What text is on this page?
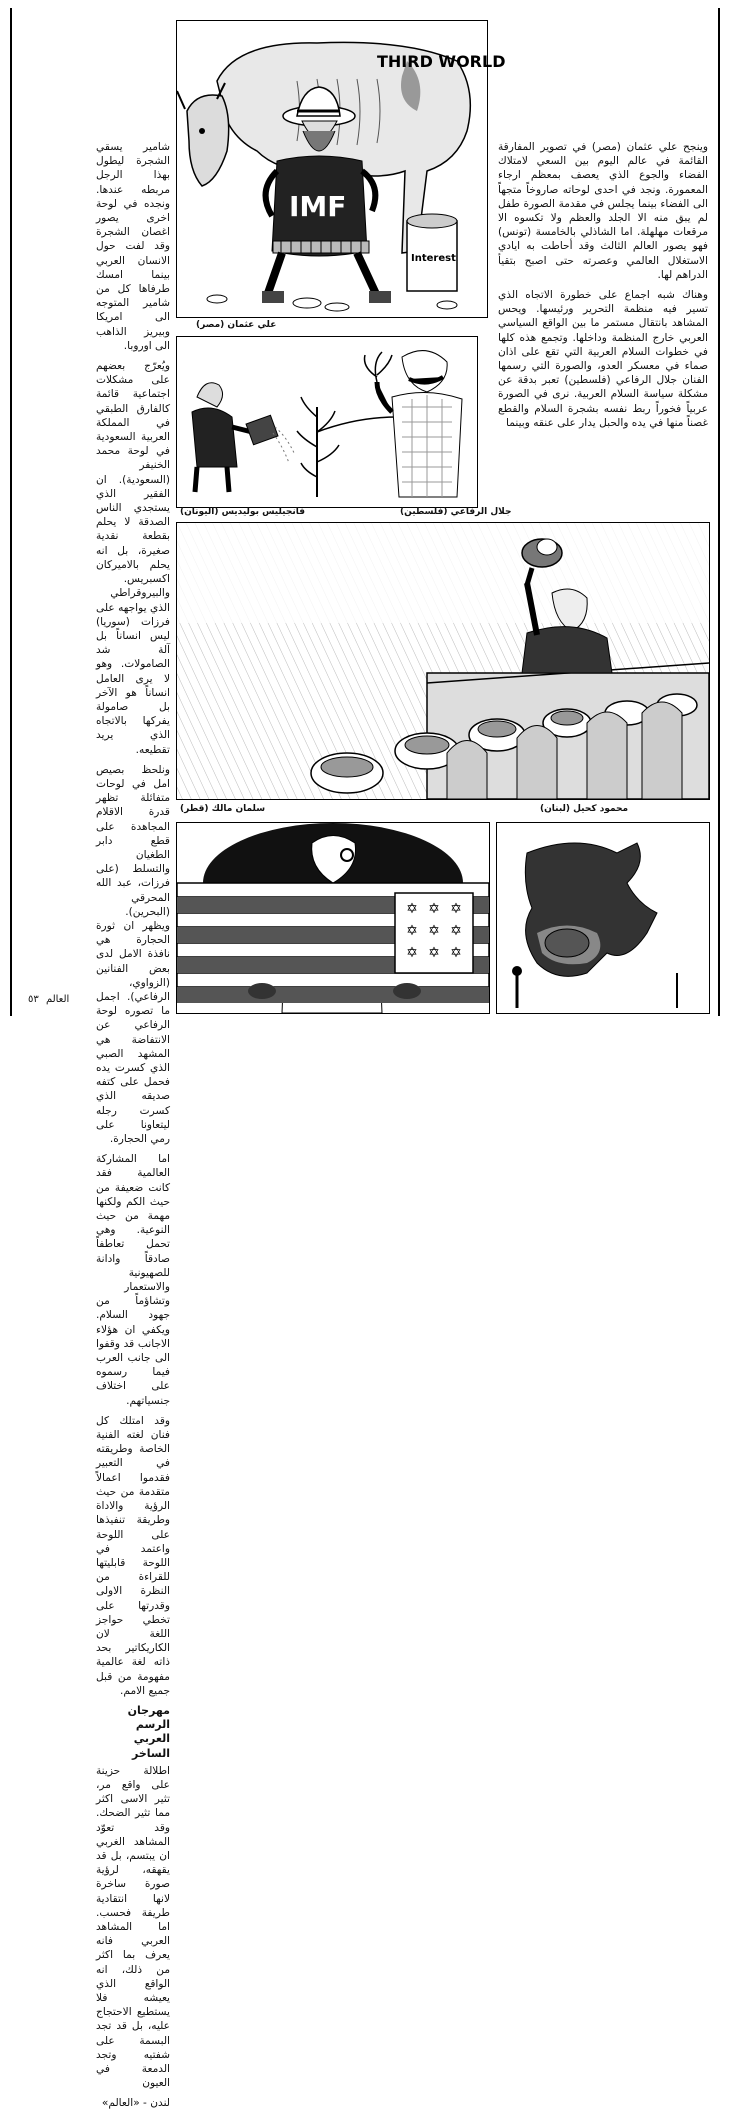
وينجح علي عثمان (مصر) في تصوير المفارقة القائمة في عالم اليوم بين السعي لامتلاك الفضاء والجوع الذي يعصف بمعظم ارجاء المعمورة. ونجد في احدى لوحاته صاروخاً متجهاً الى الفضاء بينما يجلس في مقدمة الصورة طفل لم يبق منه الا الجلد والعظم ولا تكسوه الا مرقعات مهلهلة. اما الشاذلي بالخامسة (تونس) فهو يصور العالم الثالث وقد أحاطت به ايادي الاستغلال العالمي وعصرته حتى اصبح بتقيأ الدراهم لها.

وهناك شبه اجماع على خطورة الاتجاه الذي تسير فيه منظمة التحرير ورئيسها. ويحس المشاهد بانتقال مستمر ما بين الواقع السياسي العربي خارج المنظمة وداخلها. وتجمع هذه كلها في خطوات السلام العربية التي تقع على اذان صماء في معسكر العدو، والصورة التي رسمها الفنان جلال الرفاعي (فلسطين) تعبر بدقة عن مشكلة سياسة السلام العربية. نرى في الصورة عربياً فخوراً ربط نفسه بشجرة السلام والقطع غصناً منها في يده والحبل يدار على عنقه وبينما

شامير يسقي الشجرة ليطول بهذا الرجل مربطه عندها. ونجده في لوحة اخرى يصور اغصان الشجرة وقد لفت حول الانسان العربي بينما امسك طرفاها كل من شامير المتوجه الى امريكا وبيريز الذاهب الى اوروبا.

ويُعرّج بعضهم على مشكلات اجتماعية قائمة كالفارق الطبقي في المملكة العربية السعودية في لوحة محمد الخنيفر (السعودية). ان الفقير الذي يستجدي الناس الصدقة لا يحلم بقطعة نقدية صغيرة، بل انه يحلم بالاميركان اكسبريس. والبيروقراطي الذي يواجهه على فرزات (سوريا) ليس انساناً بل آلة شد الصامولات. وهو لا يرى العامل انساناً هو الآخر بل صامولة يفركها بالاتجاه الذي يريد تقطيعه.

ونلحظ بصيص امل في لوحات متفائلة تظهر قدرة الاقلام المجاهدة على قطع دابر الطغيان والتسلط (على فرزات، عبد الله المحرقي (البحرين). ويظهر ان ثورة الحجارة هي نافذة الامل لدى بعض الفنانين (الزواوي، الرفاعي). اجمل ما تصوره لوحة الرفاعي عن الانتفاضة هي المشهد الصبي الذي كسرت يده فحمل على كتفه صديقه الذي كسرت رجله ليتعاونا على رمي الحجارة.

اما المشاركة العالمية فقد كانت ضعيفة من حيث الكم ولكنها مهمة من حيث النوعية. وهي تحمل تعاطفاً صادقاً وادانة للصهيونية والاستعمار وتشاؤماً من جهود السلام. ويكفي ان هؤلاء الاجانب قد وقفوا الى جانب العرب فيما رسموه على اختلاف جنسياتهم.

وقد امتلك كل فنان لغته الفنية الخاصة وطريقته في التعبير فقدموا اعمالاً متقدمة من حيث الرؤية والاداة وطريقة تنفيذها على اللوحة واعتمد في اللوحة قابليتها للقراءة من النظرة الاولى وقدرتها على تخطي حواجز اللغة لان الكاريكاتير بحد ذاته لغة عالمية مفهومة من قبل جميع الامم.

مهرجان الرسم العربي الساخر

اطلالة حزينة على واقع مر، تثير الاسى اكثر مما تثير الضحك. وقد تعوّد المشاهد الغربي ان يبتسم، بل قد يقهقه، لرؤية صورة ساخرة لانها انتقادية طريفة فحسب. اما المشاهد العربي فانه يعرف بما اكثر من ذلك، انه الواقع الذي يعيشه فلا يستطيع الاحتجاج عليه، بل قد تجد البسمة على شفتيه وتجد الدمعة في العيون

لندن - «العالم»

THIRD WORLD
IMF
Interest
علي عثمان (مصر)
جلال الرفاعي (فلسطين)
فانجيليس بوليديس (اليونان)
سلمان مالك (قطر)	محمود كحيل (لبنان)
✡ ✡ ✡
✡ ✡ ✡
✡ ✡ ✡
العالم ٥٣
